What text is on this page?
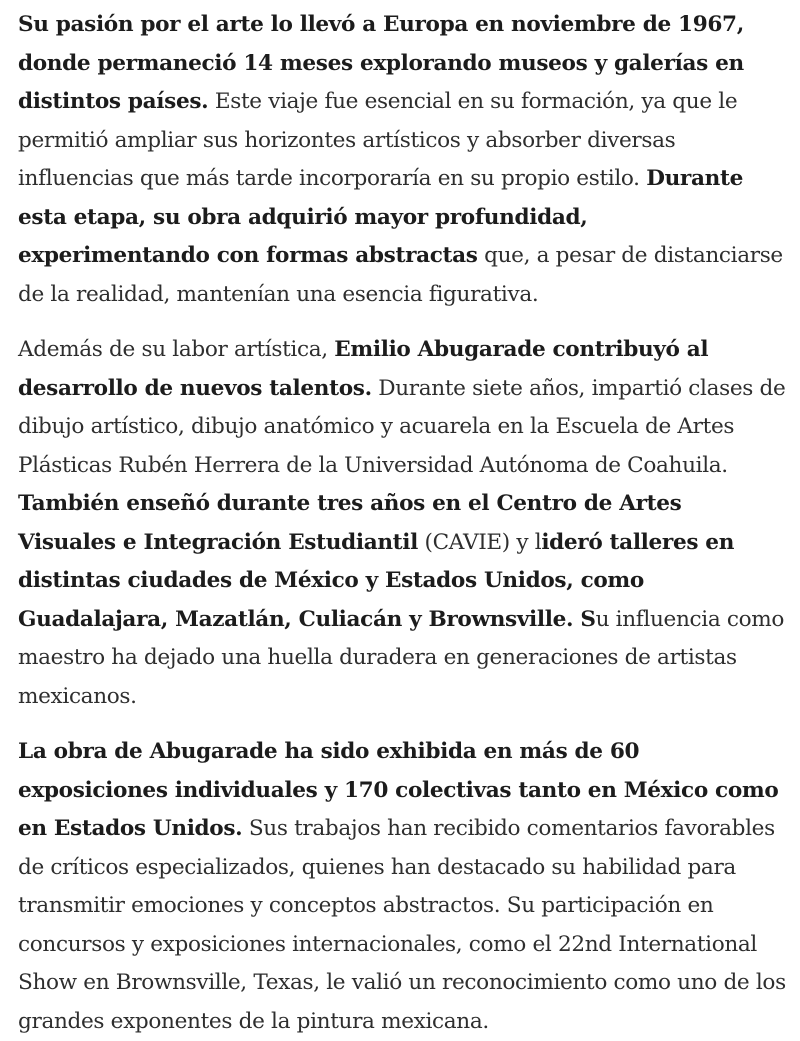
Su pasión por el arte lo llevó a Europa en noviembre de 1967, donde permaneció 14 meses explorando museos y galerías en distintos países. Este viaje fue esencial en su formación, ya que le permitió ampliar sus horizontes artísticos y absorber diversas influencias que más tarde incorporaría en su propio estilo. Durante esta etapa, su obra adquirió mayor profundidad, experimentando con formas abstractas que, a pesar de distanciarse de la realidad, mantenían una esencia figurativa.

Además de su labor artística, Emilio Abugarade contribuyó al desarrollo de nuevos talentos. Durante siete años, impartió clases de dibujo artístico, dibujo anatómico y acuarela en la Escuela de Artes Plásticas Rubén Herrera de la Universidad Autónoma de Coahuila. También enseñó durante tres años en el Centro de Artes Visuales e Integración Estudiantil (CAVIE) y lideró talleres en distintas ciudades de México y Estados Unidos, como Guadalajara, Mazatlán, Culiacán y Brownsville. Su influencia como maestro ha dejado una huella duradera en generaciones de artistas mexicanos.

La obra de Abugarade ha sido exhibida en más de 60 exposiciones individuales y 170 colectivas tanto en México como en Estados Unidos. Sus trabajos han recibido comentarios favorables de críticos especializados, quienes han destacado su habilidad para transmitir emociones y conceptos abstractos. Su participación en concursos y exposiciones internacionales, como el 22nd International Show en Brownsville, Texas, le valió un reconocimiento como uno de los grandes exponentes de la pintura mexicana.
